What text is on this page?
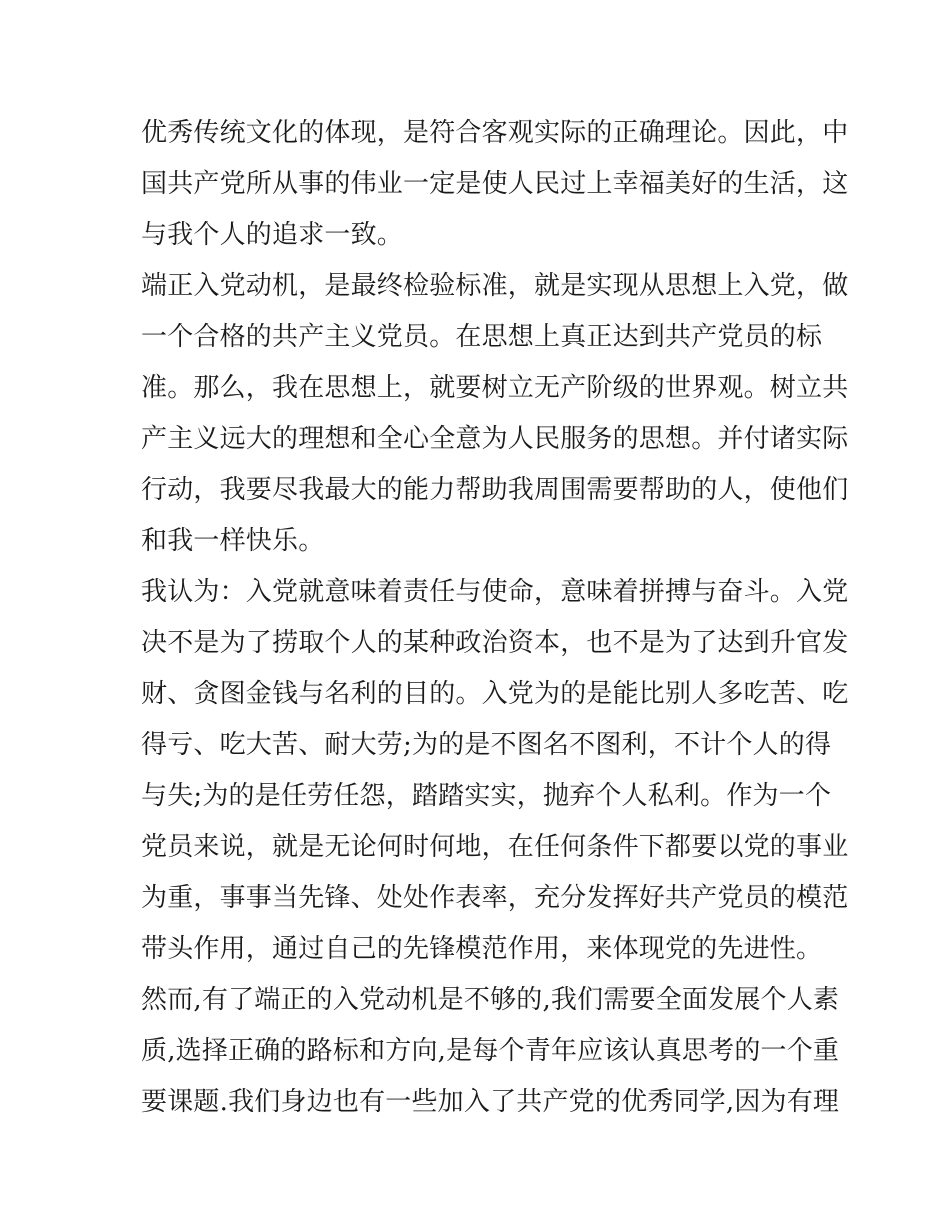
优秀传统文化的体现，是符合客观实际的正确理论。因此，中
国共产党所从事的伟业一定是使人民过上幸福美好的生活，这
与我个人的追求一致。
端正入党动机，是最终检验标准，就是实现从思想上入党，做
一个合格的共产主义党员。在思想上真正达到共产党员的标
准。那么，我在思想上，就要树立无产阶级的世界观。树立共
产主义远大的理想和全心全意为人民服务的思想。并付诸实际
行动，我要尽我最大的能力帮助我周围需要帮助的人，使他们
和我一样快乐。
我认为：入党就意味着责任与使命，意味着拼搏与奋斗。入党
决不是为了捞取个人的某种政治资本，也不是为了达到升官发
财、贪图金钱与名利的目的。入党为的是能比别人多吃苦、吃
得亏、吃大苦、耐大劳;为的是不图名不图利，不计个人的得
与失;为的是任劳任怨，踏踏实实，抛弃个人私利。作为一个
党员来说，就是无论何时何地，在任何条件下都要以党的事业
为重，事事当先锋、处处作表率，充分发挥好共产党员的模范
带头作用，通过自己的先锋模范作用，来体现党的先进性。
然而,有了端正的入党动机是不够的,我们需要全面发展个人素
质,选择正确的路标和方向,是每个青年应该认真思考的一个重
要课题.我们身边也有一些加入了共产党的优秀同学,因为有理
